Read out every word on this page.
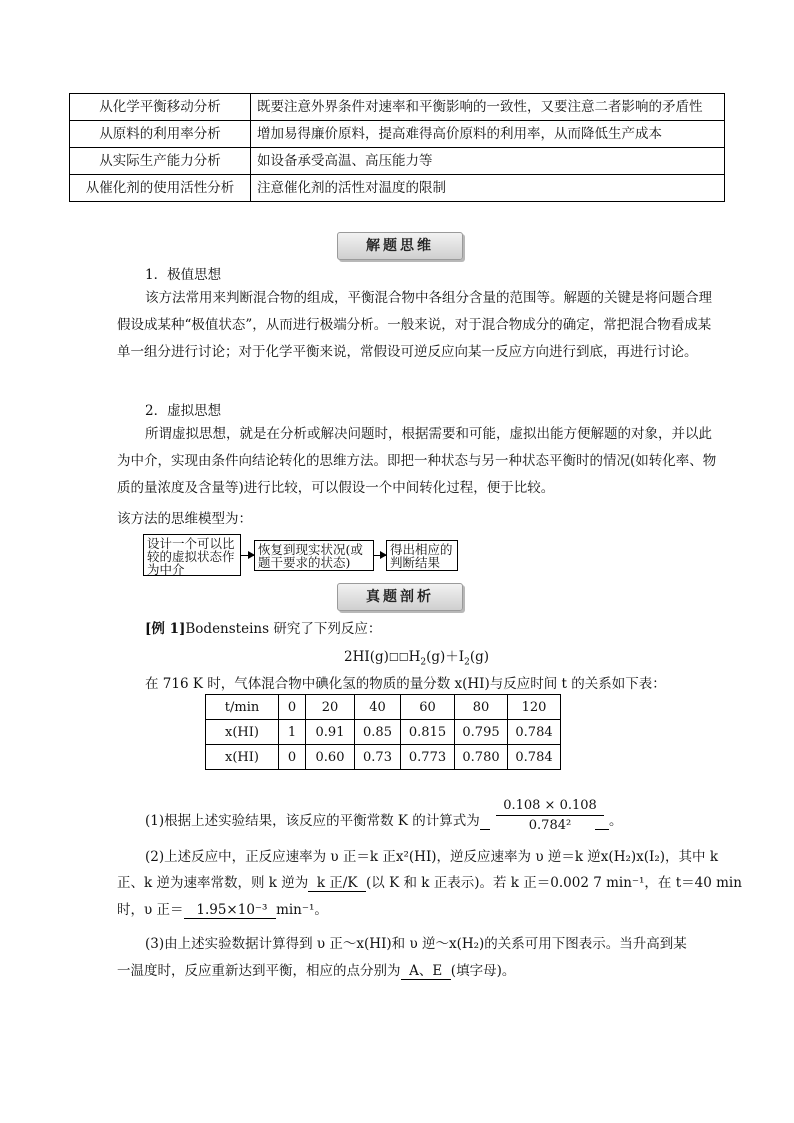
从化学平衡移动分析	既要注意外界条件对速率和平衡影响的一致性，又要注意二者影响的矛盾性
从原料的利用率分析	增加易得廉价原料，提高难得高价原料的利用率，从而降低生产成本
从实际生产能力分析	如设备承受高温、高压能力等
从催化剂的使用活性分析	注意催化剂的活性对温度的限制
解题思维
1．极值思想

该方法常用来判断混合物的组成，平衡混合物中各组分含量的范围等。解题的关键是将问题合理假设成某种“极值状态”，从而进行极端分析。一般来说，对于混合物成分的确定，常把混合物看成某单一组分进行讨论；对于化学平衡来说，常假设可逆反应向某一反应方向进行到底，再进行讨论。

2．虚拟思想

所谓虚拟思想，就是在分析或解决问题时，根据需要和可能，虚拟出能方便解题的对象，并以此为中介，实现由条件向结论转化的思维方法。即把一种状态与另一种状态平衡时的情况(如转化率、物质的量浓度及含量等)进行比较，可以假设一个中间转化过程，便于比较。

该方法的思维模型为：
设计一个可以比较的虚拟状态作为中介
恢复到现实状况(或题干要求的状态)
得出相应的判断结果
真题剖析
[例 1]Bodensteins 研究了下列反应：
$2HI(g)☐☐H_2(g)+I_2(g)$
在 716 K 时，气体混合物中碘化氢的物质的量分数 x(HI)与反应时间 t 的关系如下表：
t/min	0	20	40	60	80	120
x(HI)	1	0.91	0.85	0.815	0.795	0.784
x(HI)	0	0.60	0.73	0.773	0.780	0.784
(1)根据上述实验结果，该反应的平衡常数 K 的计算式为	$\frac{0.108 \times 0.108}{\text{0.784²}}$ 。
(2)上述反应中，正反应速率为 υ 正＝k 正x²(HI)，逆反应速率为 υ 逆＝k 逆x(H₂)x(I₂)，其中 k
正、k 逆为速率常数，则 k 逆为 k 正/K (以 K 和 k 正表示)。若 k 正＝0.002 7 min⁻¹，在 t＝40 min
时，υ 正＝ 1.95×10⁻³ min⁻¹。
(3)由上述实验数据计算得到 υ 正～x(HI)和 υ 逆～x(H₂)的关系可用下图表示。当升高到某
一温度时，反应重新达到平衡，相应的点分别为 A、E (填字母)。
